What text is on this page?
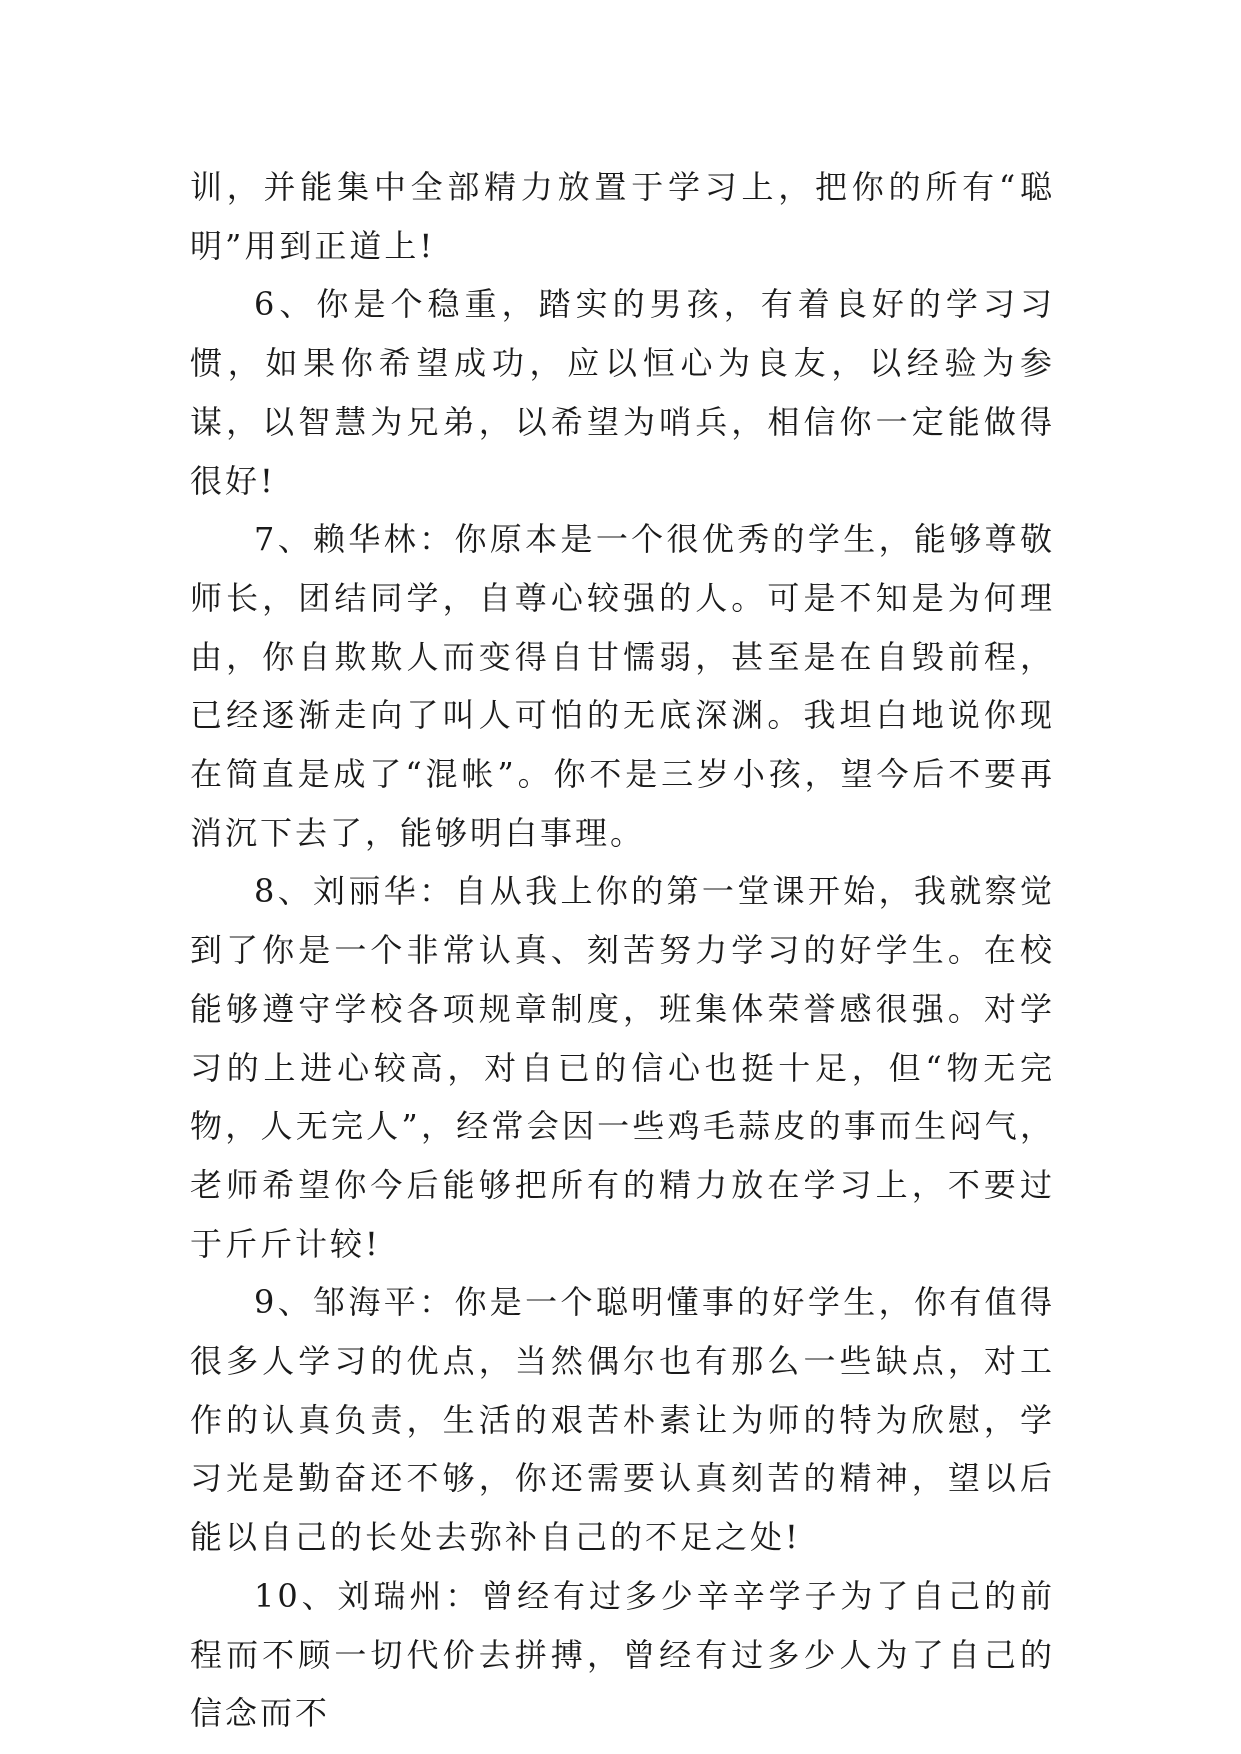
训，并能集中全部精力放置于学习上，把你的所有“聪明”用到正道上!

6、你是个稳重，踏实的男孩，有着良好的学习习惯，如果你希望成功，应以恒心为良友，以经验为参谋，以智慧为兄弟，以希望为哨兵，相信你一定能做得很好!

7、赖华林：你原本是一个很优秀的学生，能够尊敬师长，团结同学，自尊心较强的人。可是不知是为何理由，你自欺欺人而变得自甘懦弱，甚至是在自毁前程，已经逐渐走向了叫人可怕的无底深渊。我坦白地说你现在简直是成了“混帐”。你不是三岁小孩，望今后不要再消沉下去了，能够明白事理。

8、刘丽华：自从我上你的第一堂课开始，我就察觉到了你是一个非常认真、刻苦努力学习的好学生。在校能够遵守学校各项规章制度，班集体荣誉感很强。对学习的上进心较高，对自已的信心也挺十足，但“物无完物，人无完人”，经常会因一些鸡毛蒜皮的事而生闷气，老师希望你今后能够把所有的精力放在学习上，不要过于斤斤计较!

9、邹海平：你是一个聪明懂事的好学生，你有值得很多人学习的优点，当然偶尔也有那么一些缺点，对工作的认真负责，生活的艰苦朴素让为师的特为欣慰，学习光是勤奋还不够，你还需要认真刻苦的精神，望以后能以自己的长处去弥补自己的不足之处!

10、刘瑞州：曾经有过多少辛辛学子为了自己的前程而不顾一切代价去拼搏，曾经有过多少人为了自己的信念而不
